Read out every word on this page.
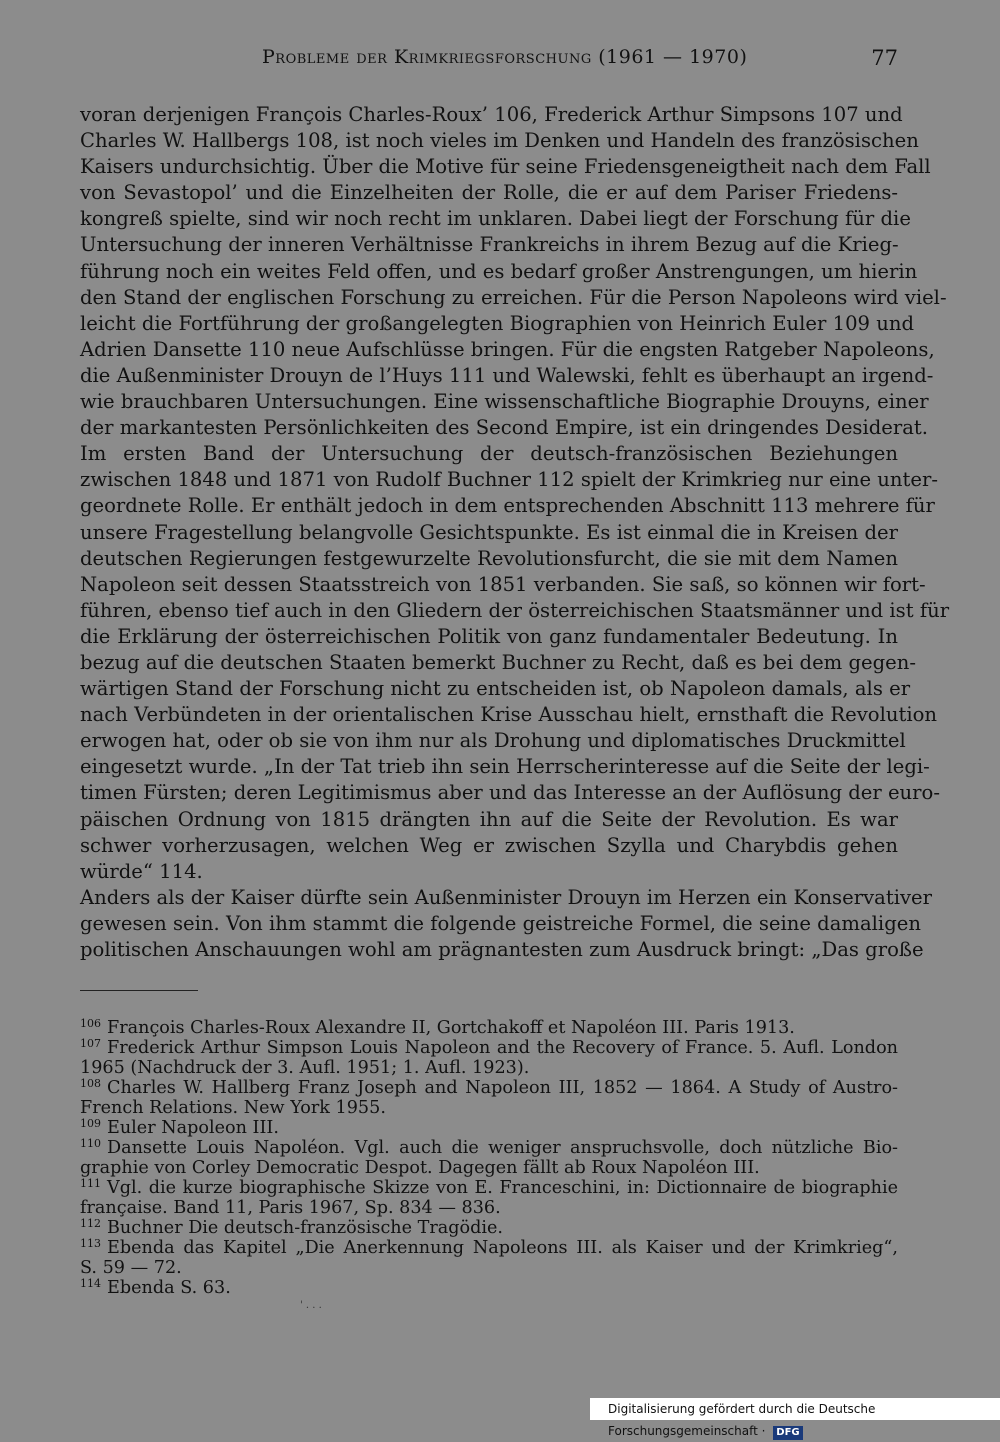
Probleme der Krimkriegsforschung (1961 — 1970)	77
voran derjenigen François Charles-Roux’ 106, Frederick Arthur Simpsons 107 und
Charles W. Hallbergs 108, ist noch vieles im Denken und Handeln des französischen
Kaisers undurchsichtig. Über die Motive für seine Friedensgeneigtheit nach dem Fall
von Sevastopol’ und die Einzelheiten der Rolle, die er auf dem Pariser Friedens-
kongreß spielte, sind wir noch recht im unklaren. Dabei liegt der Forschung für die
Untersuchung der inneren Verhältnisse Frankreichs in ihrem Bezug auf die Krieg-
führung noch ein weites Feld offen, und es bedarf großer Anstrengungen, um hierin
den Stand der englischen Forschung zu erreichen. Für die Person Napoleons wird viel-
leicht die Fortführung der großangelegten Biographien von Heinrich Euler 109 und
Adrien Dansette 110 neue Aufschlüsse bringen. Für die engsten Ratgeber Napoleons,
die Außenminister Drouyn de l’Huys 111 und Walewski, fehlt es überhaupt an irgend-
wie brauchbaren Untersuchungen. Eine wissenschaftliche Biographie Drouyns, einer
der markantesten Persönlichkeiten des Second Empire, ist ein dringendes Desiderat.
Im ersten Band der Untersuchung der deutsch-französischen Beziehungen
zwischen 1848 und 1871 von Rudolf Buchner 112 spielt der Krimkrieg nur eine unter-
geordnete Rolle. Er enthält jedoch in dem entsprechenden Abschnitt 113 mehrere für
unsere Fragestellung belangvolle Gesichtspunkte. Es ist einmal die in Kreisen der
deutschen Regierungen festgewurzelte Revolutionsfurcht, die sie mit dem Namen
Napoleon seit dessen Staatsstreich von 1851 verbanden. Sie saß, so können wir fort-
führen, ebenso tief auch in den Gliedern der österreichischen Staatsmänner und ist für
die Erklärung der österreichischen Politik von ganz fundamentaler Bedeutung. In
bezug auf die deutschen Staaten bemerkt Buchner zu Recht, daß es bei dem gegen-
wärtigen Stand der Forschung nicht zu entscheiden ist, ob Napoleon damals, als er
nach Verbündeten in der orientalischen Krise Ausschau hielt, ernsthaft die Revolution
erwogen hat, oder ob sie von ihm nur als Drohung und diplomatisches Druckmittel
eingesetzt wurde. „In der Tat trieb ihn sein Herrscherinteresse auf die Seite der legi-
timen Fürsten; deren Legitimismus aber und das Interesse an der Auflösung der euro-
päischen Ordnung von 1815 drängten ihn auf die Seite der Revolution. Es war
schwer vorherzusagen, welchen Weg er zwischen Szylla und Charybdis gehen
würde“ 114.
Anders als der Kaiser dürfte sein Außenminister Drouyn im Herzen ein Konservativer
gewesen sein. Von ihm stammt die folgende geistreiche Formel, die seine damaligen
politischen Anschauungen wohl am prägnantesten zum Ausdruck bringt: „Das große
$^{106}$ François Charles-Roux Alexandre II, Gortchakoff et Napoléon III. Paris 1913.
$^{107}$ Frederick Arthur Simpson Louis Napoleon and the Recovery of France. 5. Aufl. London
1965 (Nachdruck der 3. Aufl. 1951; 1. Aufl. 1923).
$^{108}$ Charles W. Hallberg Franz Joseph and Napoleon III, 1852 — 1864. A Study of Austro-
French Relations. New York 1955.
$^{109}$ Euler Napoleon III.
$^{110}$ Dansette Louis Napoléon. Vgl. auch die weniger anspruchsvolle, doch nützliche Bio-
graphie von Corley Democratic Despot. Dagegen fällt ab Roux Napoléon III.
$^{111}$ Vgl. die kurze biographische Skizze von E. Franceschini, in: Dictionnaire de biographie
française. Band 11, Paris 1967, Sp. 834 — 836.
$^{112}$ Buchner Die deutsch-französische Tragödie.
$^{113}$ Ebenda das Kapitel „Die Anerkennung Napoleons III. als Kaiser und der Krimkrieg“,
S. 59 — 72.
$^{114}$ Ebenda S. 63.
' . . .
Digitalisierung gefördert durch die Deutsche Forschungsgemeinschaft · DFG
